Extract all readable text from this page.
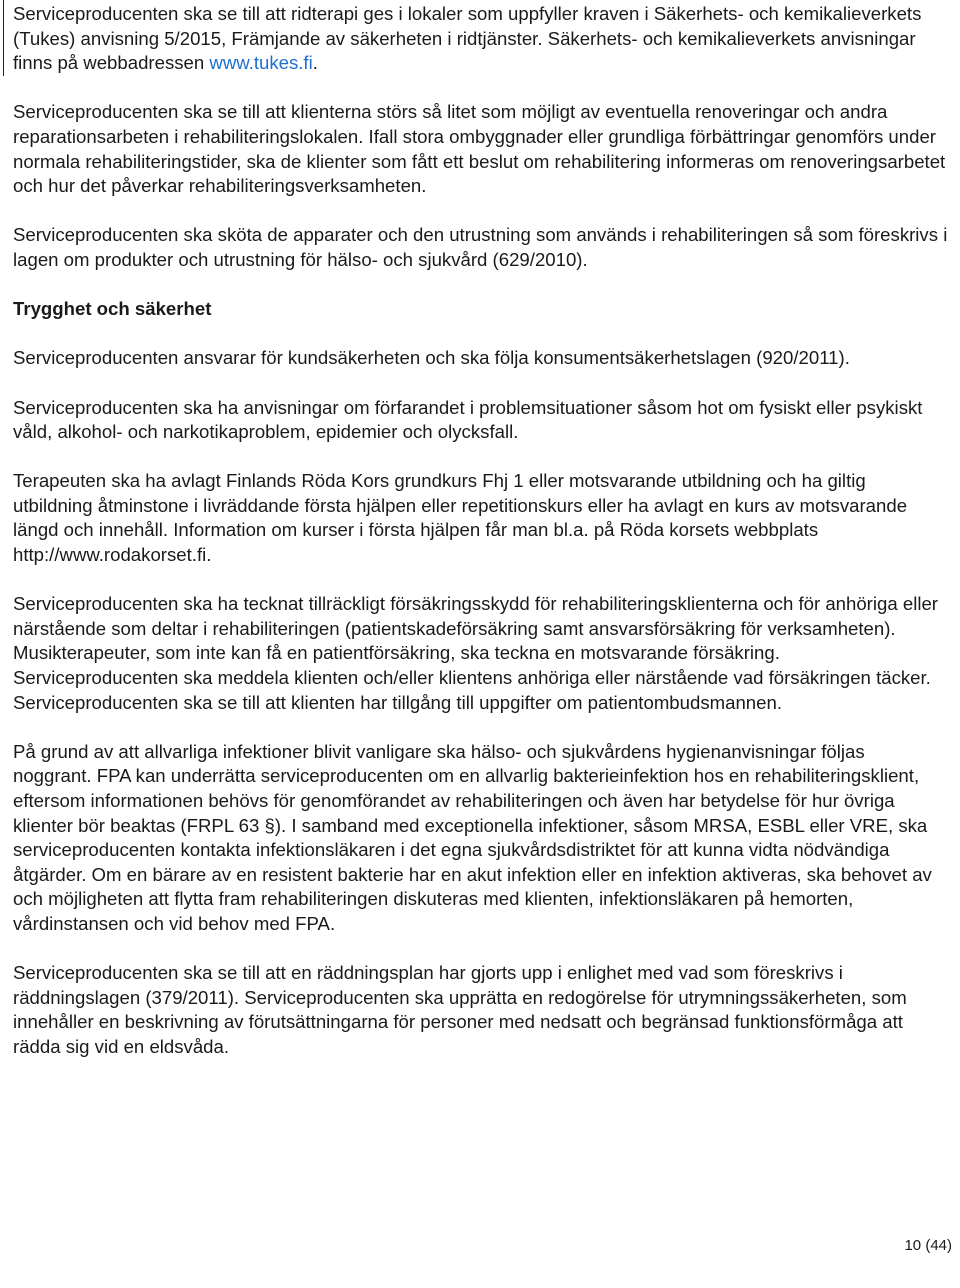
Serviceproducenten ska se till att ridterapi ges i lokaler som uppfyller kraven i Säkerhets- och kemikalieverkets (Tukes) anvisning 5/2015, Främjande av säkerheten i ridtjänster. Säkerhets- och kemikalieverkets anvisningar finns på webbadressen www.tukes.fi.

Serviceproducenten ska se till att klienterna störs så litet som möjligt av eventuella renoveringar och andra reparationsarbeten i rehabiliteringslokalen. Ifall stora ombyggnader eller grundliga förbättringar genomförs under normala rehabiliteringstider, ska de klienter som fått ett beslut om rehabilitering informeras om renoveringsarbetet och hur det påverkar rehabiliteringsverksamheten.

Serviceproducenten ska sköta de apparater och den utrustning som används i rehabiliteringen så som föreskrivs i lagen om produkter och utrustning för hälso- och sjukvård (629/2010).

Trygghet och säkerhet

Serviceproducenten ansvarar för kundsäkerheten och ska följa konsumentsäkerhetslagen (920/2011).

Serviceproducenten ska ha anvisningar om förfarandet i problemsituationer såsom hot om fysiskt eller psykiskt våld, alkohol- och narkotikaproblem, epidemier och olycksfall.

Terapeuten ska ha avlagt Finlands Röda Kors grundkurs Fhj 1 eller motsvarande utbildning och ha giltig utbildning åtminstone i livräddande första hjälpen eller repetitionskurs eller ha avlagt en kurs av motsvarande längd och innehåll. Information om kurser i första hjälpen får man bl.a. på Röda korsets webbplats http://www.rodakorset.fi.

Serviceproducenten ska ha tecknat tillräckligt försäkringsskydd för rehabiliteringsklienterna och för anhöriga eller närstående som deltar i rehabiliteringen (patientskadeförsäkring samt ansvarsförsäkring för verksamheten). Musikterapeuter, som inte kan få en patientförsäkring, ska teckna en motsvarande försäkring. Serviceproducenten ska meddela klienten och/eller klientens anhöriga eller närstående vad försäkringen täcker. Serviceproducenten ska se till att klienten har tillgång till uppgifter om patientombudsmannen.

På grund av att allvarliga infektioner blivit vanligare ska hälso- och sjukvårdens hygienanvisningar följas noggrant. FPA kan underrätta serviceproducenten om en allvarlig bakterieinfektion hos en rehabiliteringsklient, eftersom informationen behövs för genomförandet av rehabiliteringen och även har betydelse för hur övriga klienter bör beaktas (FRPL 63 §). I samband med exceptionella infektioner, såsom MRSA, ESBL eller VRE, ska serviceproducenten kontakta infektionsläkaren i det egna sjukvårdsdistriktet för att kunna vidta nödvändiga åtgärder. Om en bärare av en resistent bakterie har en akut infektion eller en infektion aktiveras, ska behovet av och möjligheten att flytta fram rehabiliteringen diskuteras med klienten, infektionsläkaren på hemorten, vårdinstansen och vid behov med FPA.

Serviceproducenten ska se till att en räddningsplan har gjorts upp i enlighet med vad som föreskrivs i räddningslagen (379/2011). Serviceproducenten ska upprätta en redogörelse för utrymningssäkerheten, som innehåller en beskrivning av förutsättningarna för personer med nedsatt och begränsad funktionsförmåga att rädda sig vid en eldsvåda.

10 (44)
